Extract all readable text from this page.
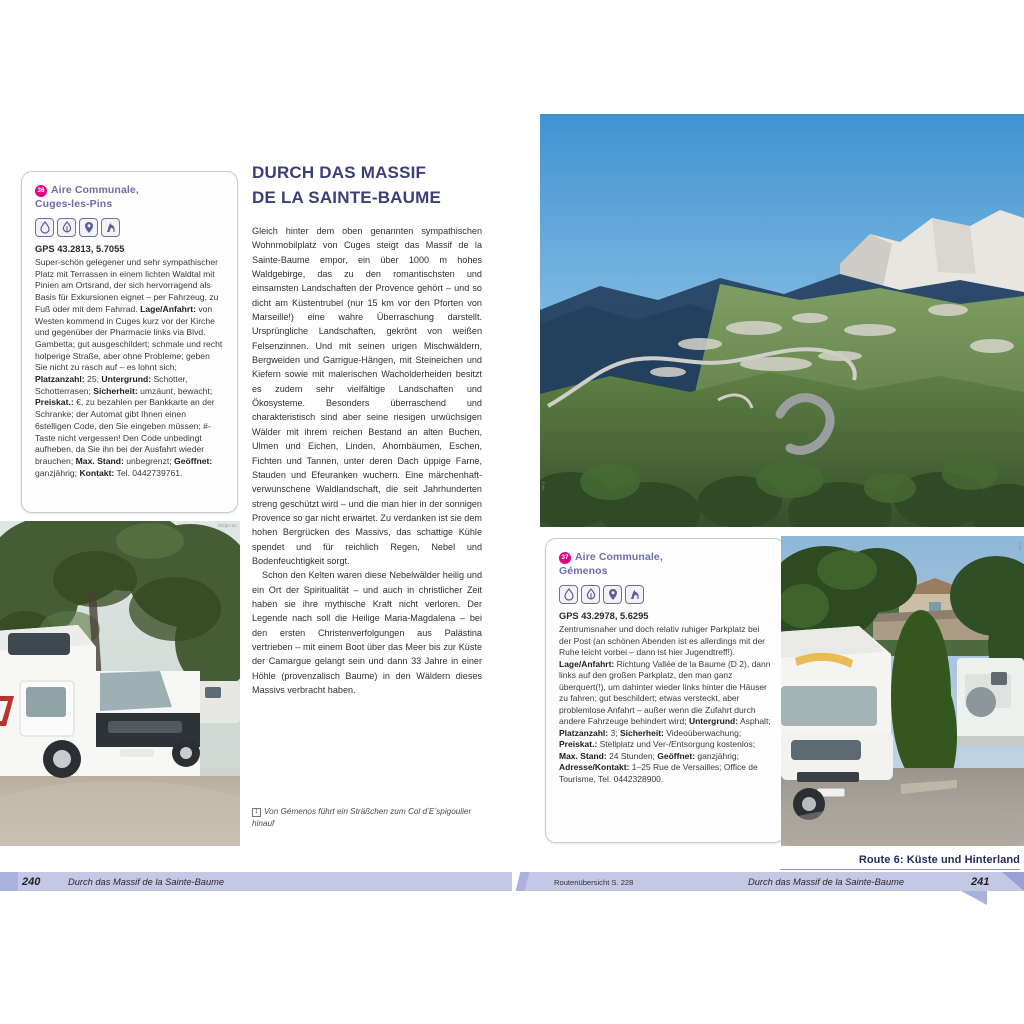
36 Aire Communale,
Cuges-les-Pins
GPS 43.2813, 5.7055
Super-schön gelegener und sehr sympathischer Platz mit Terrassen in einem lichten Waldtal mit Pinien am Ortsrand, der sich hervorragend als Basis für Exkursionen eignet – per Fahrzeug, zu Fuß oder mit dem Fahrrad. Lage/Anfahrt: von Westen kommend in Cuges kurz vor der Kirche und gegenüber der Pharmacie links via Blvd. Gambetta; gut ausgeschildert; schmale und recht holperige Straße, aber ohne Probleme; geben Sie nicht zu rasch auf – es lohnt sich; Platzanzahl: 25; Untergrund: Schotter, Schotterrasen; Sicherheit: umzäunt, bewacht; Preiskat.: €, zu bezahlen per Bankkarte an der Schranke; der Automat gibt Ihnen einen 6stelligen Code, den Sie eingeben müssen; #-Taste nicht vergessen! Den Code unbedingt aufheben, da Sie ihn bei der Ausfahrt wieder brauchen; Max. Stand: unbegrenzt; Geöffnet: ganzjährig; Kontakt: Tel. 0442739761.
DURCH DAS MASSIF
DE LA SAINTE-BAUME

Gleich hinter dem oben genannten sympathischen Wohnmobilplatz von Cuges steigt das Massif de la Sainte-Baume empor, ein über 1000 m hohes Waldgebirge, das zu den romantischsten und einsamsten Landschaften der Provence gehört – und so dicht am Küstentrubel (nur 15 km vor den Pforten von Marseille!) eine wahre Überraschung darstellt. Ursprüngliche Landschaften, gekrönt von weißen Felsenzinnen. Und mit seinen urigen Mischwäldern, Bergweiden und Garrigue-Hängen, mit Steineichen und Kiefern sowie mit malerischen Wacholderheiden besitzt es zudem sehr vielfältige Landschaften und Ökosysteme. Besonders überraschend und charakteristisch sind aber seine riesigen urwüchsigen Wälder mit ihrem reichen Bestand an alten Buchen, Ulmen und Eichen, Linden, Ahornbäumen, Eschen, Fichten und Tannen, unter deren Dach üppige Farne, Stauden und Efeuranken wuchern. Eine märchenhaft-verwunschene Waldlandschaft, die seit Jahrhunderten streng geschützt wird – und die man hier in der sonnigen Provence so gar nicht erwartet. Zu verdanken ist sie dem hohen Bergrücken des Massivs, das schattige Kühle spendet und für reichlich Regen, Nebel und Bodenfeuchtigkeit sorgt.

Schon den Kelten waren diese Nebelwälder heilig und ein Ort der Spiritualität – und auch in christlicher Zeit haben sie ihre mythische Kraft nicht verloren. Der Legende nach soll die Heilige Maria-Magdalena – bei den ersten Christenverfolgungen aus Palästina vertrieben – mit einem Boot über das Meer bis zur Küste der Camargue gelangt sein und dann 33 Jahre in einer Höhle (provenzalisch Baume) in den Wäldern dieses Massivs verbracht haben.

1 Von Gémenos führt ein Sträßchen zum Col dʼEʼspigoulier hinauf
342jpv.de
240	Durch das Massif de la Sainte-Baume
Foto
37 Aire Communale,
Gémenos
GPS 43.2978, 5.6295
Zentrumsnaher und doch relativ ruhiger Parkplatz bei der Post (an schönen Abenden ist es allerdings mit der Ruhe leicht vorbei – dann ist hier Jugendtreff!). Lage/Anfahrt: Richtung Vallée de la Baume (D 2), dann links auf den großen Parkplatz, den man ganz überquert(!), um dahinter wieder links hinter die Häuser zu fahren; gut beschildert; etwas versteckt, aber problemlose Anfahrt – außer wenn die Zufahrt durch andere Fahrzeuge behindert wird; Untergrund: Asphalt; Platzanzahl: 3; Sicherheit: Videoüberwachung; Preiskat.: Stellplatz und Ver-/Entsorgung kostenlos; Max. Stand: 24 Stunden; Geöffnet: ganzjährig; Adresse/Kontakt: 1–25 Rue de Versailles; Office de Tourisme, Tel. 0442328900.
Foto
Route 6: Küste und Hinterland
Routenübersicht S. 228	Durch das Massif de la Sainte-Baume	241
